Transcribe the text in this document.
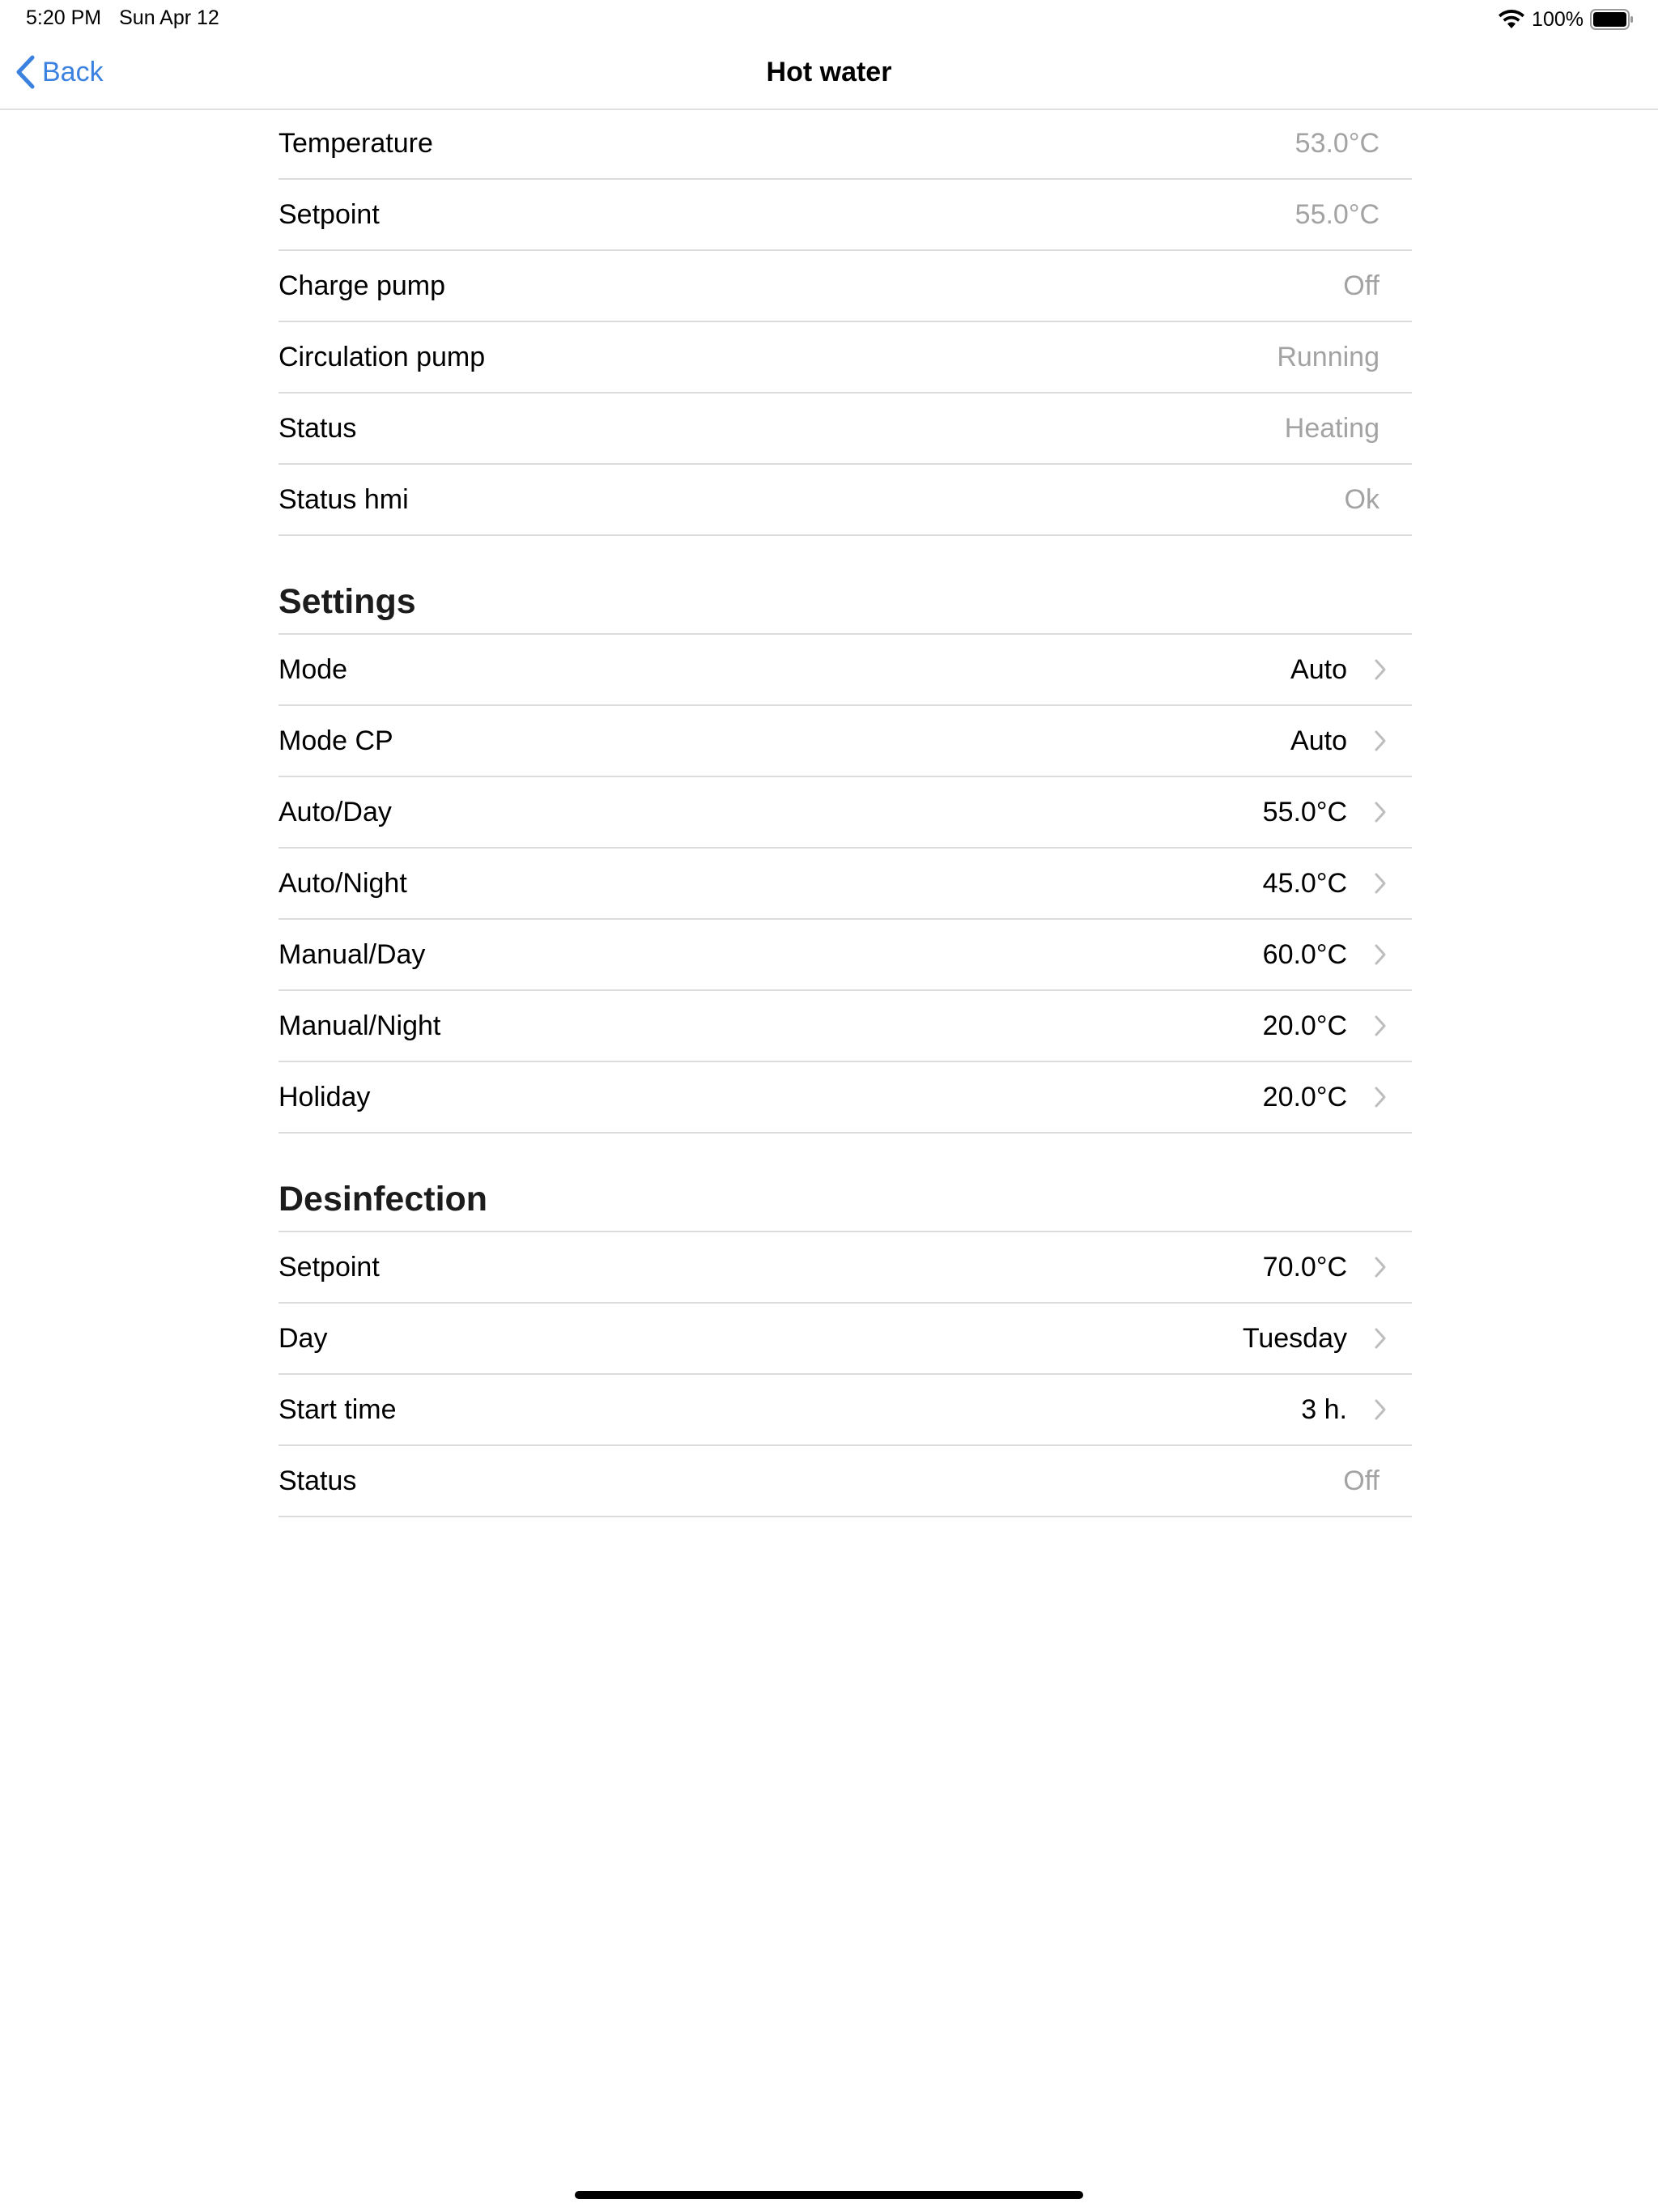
5:20 PM Sun Apr 12	100%
Back	Hot water
Temperature	53.0°C
Setpoint	55.0°C
Charge pump	Off
Circulation pump	Running
Status	Heating
Status hmi	Ok
Settings
Mode	Auto
Mode CP	Auto
Auto/Day	55.0°C
Auto/Night	45.0°C
Manual/Day	60.0°C
Manual/Night	20.0°C
Holiday	20.0°C
Desinfection
Setpoint	70.0°C
Day	Tuesday
Start time	3 h.
Status	Off
